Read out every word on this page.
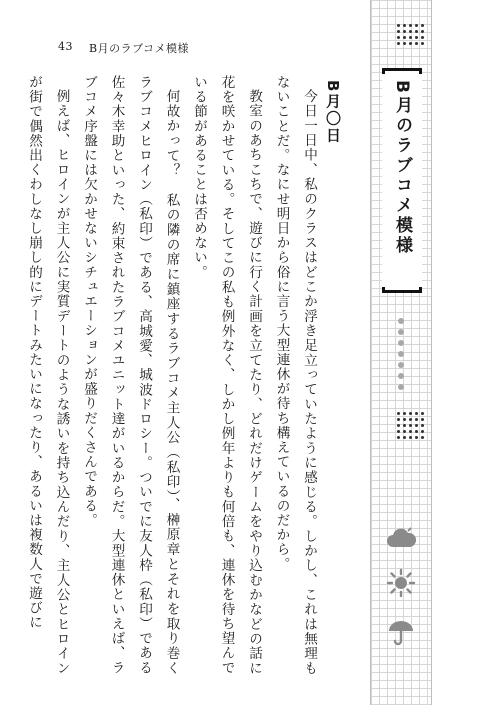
43 B月のラブコメ模様

今日一日中、私のクラスはどこか浮き足立っていたように感じる。しかし、これは無理もないことだ。なにせ明日から俗に言う大型連休が待ち構えているのだから。

教室のあちこちで、遊びに行く計画を立てたり、どれだけゲームをやり込むかなどの話に花を咲かせている。そしてこの私も例外なく、しかし例年よりも何倍も、連休を待ち望んでいる節があることは否めない。

何故かって？　私の隣の席に鎮座するラブコメ主人公（私印）、榊原章とそれを取り巻くラブコメヒロイン（私印）である、高城愛、城波ドロシー。ついでに友人枠（私印）である佐々木幸助といった、約束されたラブコメユニット達がいるからだ。大型連休といえば、ラブコメ序盤には欠かせないシチュエーションが盛りだくさんである。

例えば、ヒロインが主人公に実質デートのような誘いを持ち込んだり、主人公とヒロインが街で偶然出くわしなし崩し的にデートみたいになったり、あるいは複数人で遊びに	B月〇日	B月のラブコメ模様
